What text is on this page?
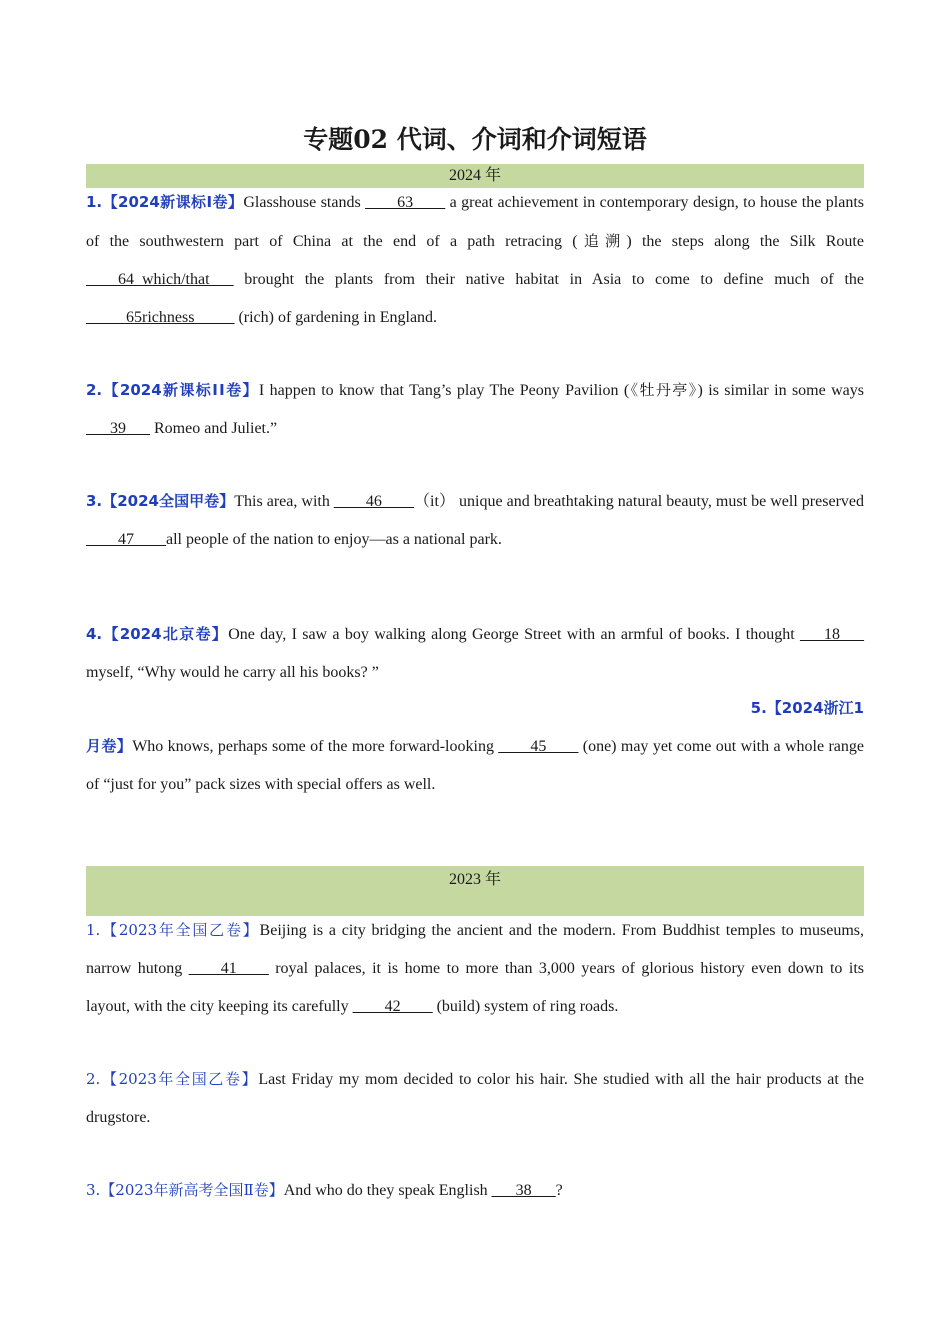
专题02 代词、介词和介词短语
2024 年
1.【2024新课标Ⅰ卷】Glasshouse stands ____63____ a great achievement in contemporary design, to house the plants of the southwestern part of China at the end of a path retracing (追溯) the steps along the Silk Route ____64_which/that___ brought the plants from their native habitat in Asia to come to define much of the _____65richness_____ (rich) of gardening in England.
2.【2024新课标ⅠⅠ卷】I happen to know that Tang’s play The Peony Pavilion (《牡丹亭》) is similar in some ways ___39___ Romeo and Juliet.”
3.【2024全国甲卷】This area, with ____46____（it） unique and breathtaking natural beauty, must be well preserved ____47____all people of the nation to enjoy—as a national park.
4.【2024北京卷】One day, I saw a boy walking along George Street with an armful of books. I thought ___18___ myself, “Why would he carry all his books? ”
5.【2024浙江1
月卷】Who knows, perhaps some of the more forward-looking ____45____ (one) may yet come out with a whole range of “just for you” pack sizes with special offers as well.
2023 年
1.【2023年全国乙卷】Beijing is a city bridging the ancient and the modern. From Buddhist temples to museums, narrow hutong ____41____ royal palaces, it is home to more than 3,000 years of glorious history even down to its layout, with the city keeping its carefully ____42____ (build) system of ring roads.
2.【2023年全国乙卷】Last Friday my mom decided to color his hair. She studied with all the hair products at the drugstore.
3.【2023年新高考全国Ⅱ卷】And who do they speak English ___38___?
